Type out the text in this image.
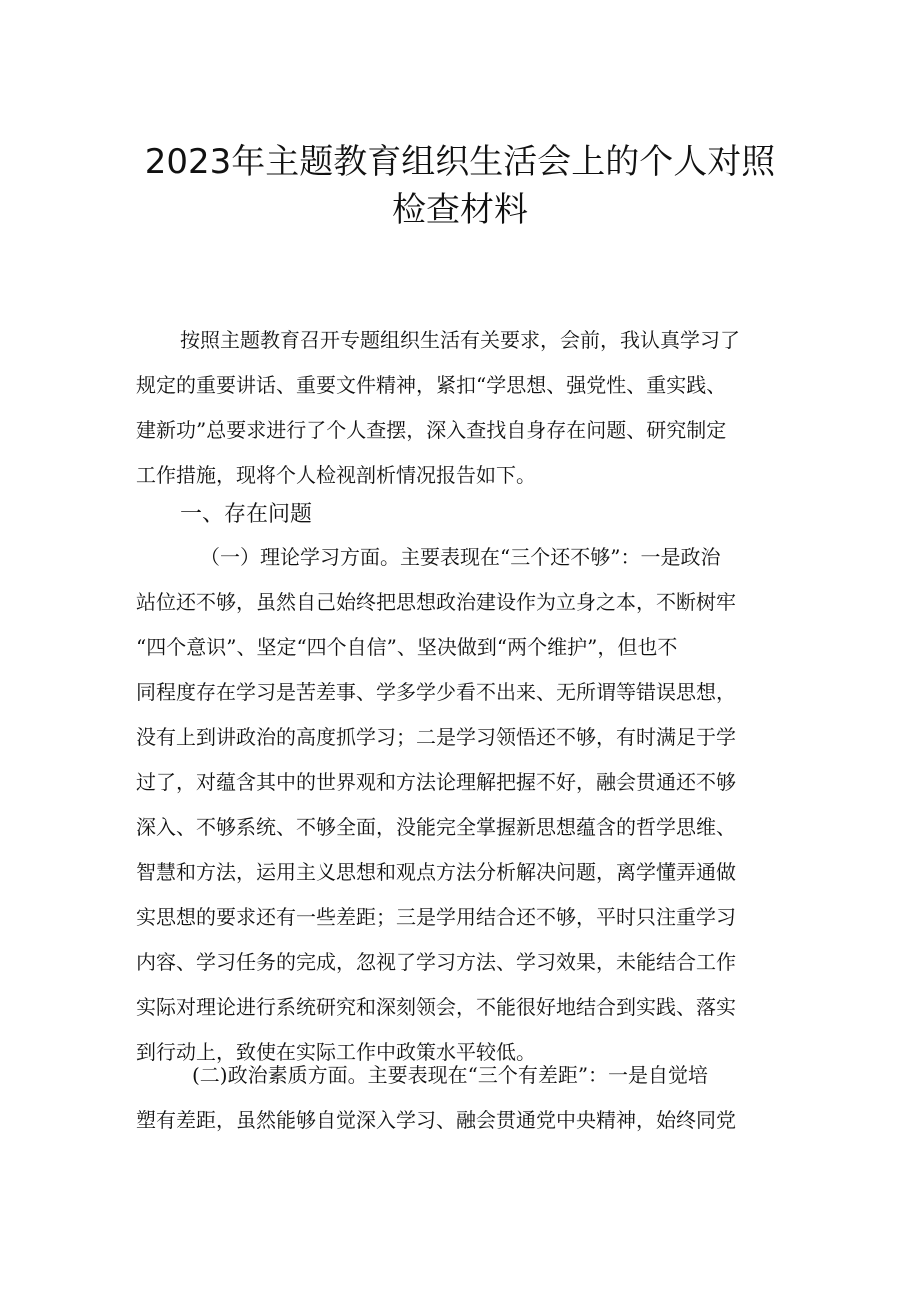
2023年主题教育组织生活会上的个人对照
检查材料
按照主题教育召开专题组织生活有关要求，会前，我认真学习了
规定的重要讲话、重要文件精神，紧扣“学思想、强党性、重实践、
建新功”总要求进行了个人查摆，深入查找自身存在问题、研究制定
工作措施，现将个人检视剖析情况报告如下。
一、存在问题
（一）理论学习方面。主要表现在“三个还不够”：一是政治
站位还不够，虽然自己始终把思想政治建设作为立身之本，不断树牢
“四个意识”、坚定“四个自信”、坚决做到“两个维护”，但也不
同程度存在学习是苦差事、学多学少看不出来、无所谓等错误思想，
没有上到讲政治的高度抓学习；二是学习领悟还不够，有时满足于学
过了，对蕴含其中的世界观和方法论理解把握不好，融会贯通还不够
深入、不够系统、不够全面，没能完全掌握新思想蕴含的哲学思维、
智慧和方法，运用主义思想和观点方法分析解决问题，离学懂弄通做
实思想的要求还有一些差距；三是学用结合还不够，平时只注重学习
内容、学习任务的完成，忽视了学习方法、学习效果，未能结合工作
实际对理论进行系统研究和深刻领会，不能很好地结合到实践、落实
到行动上，致使在实际工作中政策水平较低。
(二)政治素质方面。主要表现在“三个有差距”：一是自觉培
塑有差距，虽然能够自觉深入学习、融会贯通党中央精神，始终同党
